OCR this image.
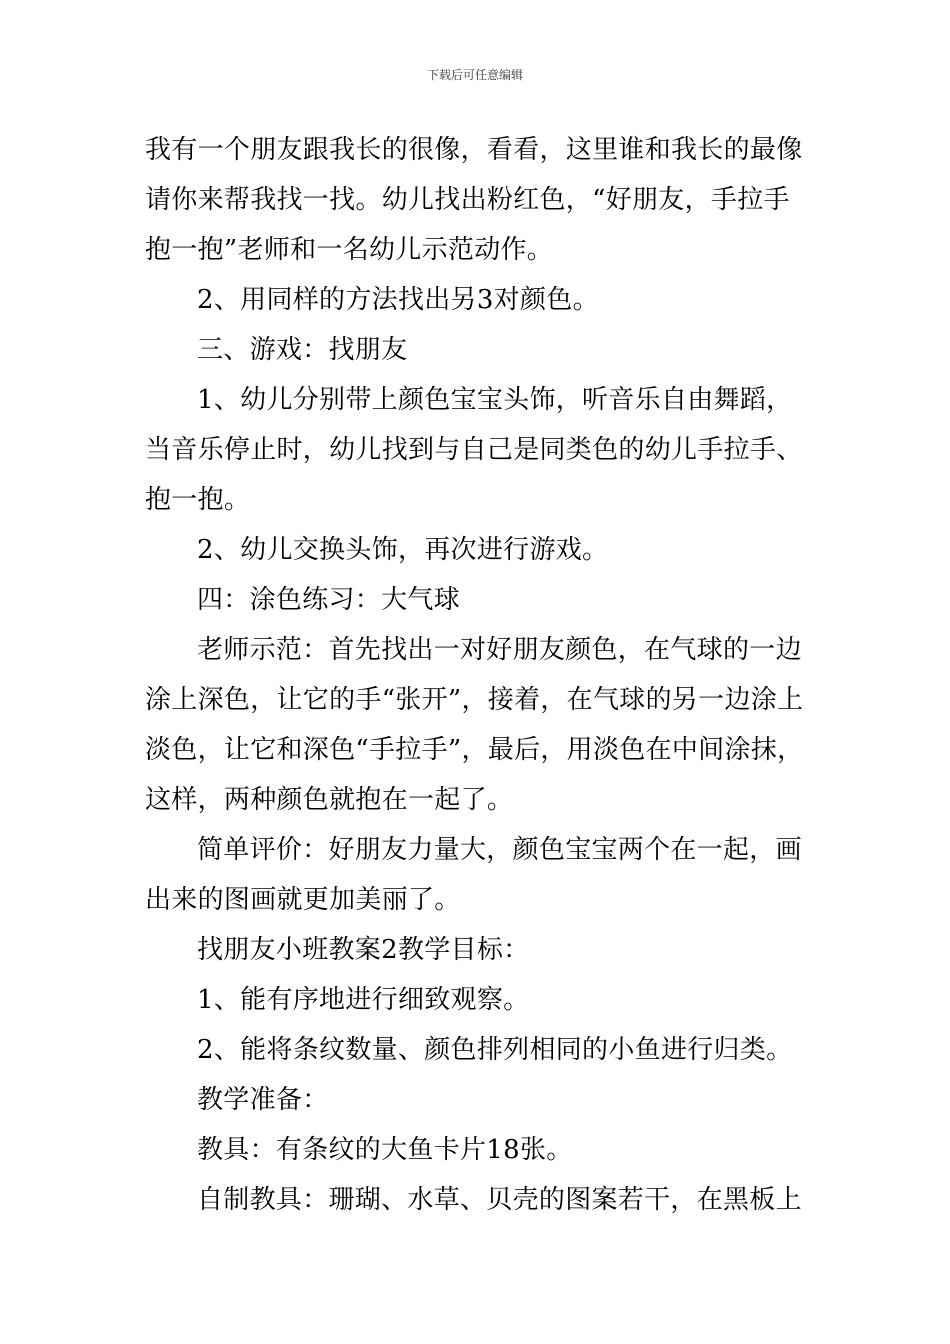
下载后可任意编辑

我有一个朋友跟我长的很像，看看，这里谁和我长的最像请你来帮我找一找。幼儿找出粉红色，“好朋友，手拉手抱一抱”老师和一名幼儿示范动作。

2、用同样的方法找出另3对颜色。

三、游戏：找朋友

1、幼儿分别带上颜色宝宝头饰，听音乐自由舞蹈，当音乐停止时，幼儿找到与自己是同类色的幼儿手拉手、抱一抱。

2、幼儿交换头饰，再次进行游戏。

四：涂色练习：大气球

老师示范：首先找出一对好朋友颜色，在气球的一边涂上深色，让它的手“张开”，接着，在气球的另一边涂上淡色，让它和深色“手拉手”，最后，用淡色在中间涂抹，这样，两种颜色就抱在一起了。

简单评价：好朋友力量大，颜色宝宝两个在一起，画出来的图画就更加美丽了。

找朋友小班教案2教学目标：

1、能有序地进行细致观察。

2、能将条纹数量、颜色排列相同的小鱼进行归类。

教学准备：

教具：有条纹的大鱼卡片18张。

自制教具：珊瑚、水草、贝壳的图案若干，在黑板上
